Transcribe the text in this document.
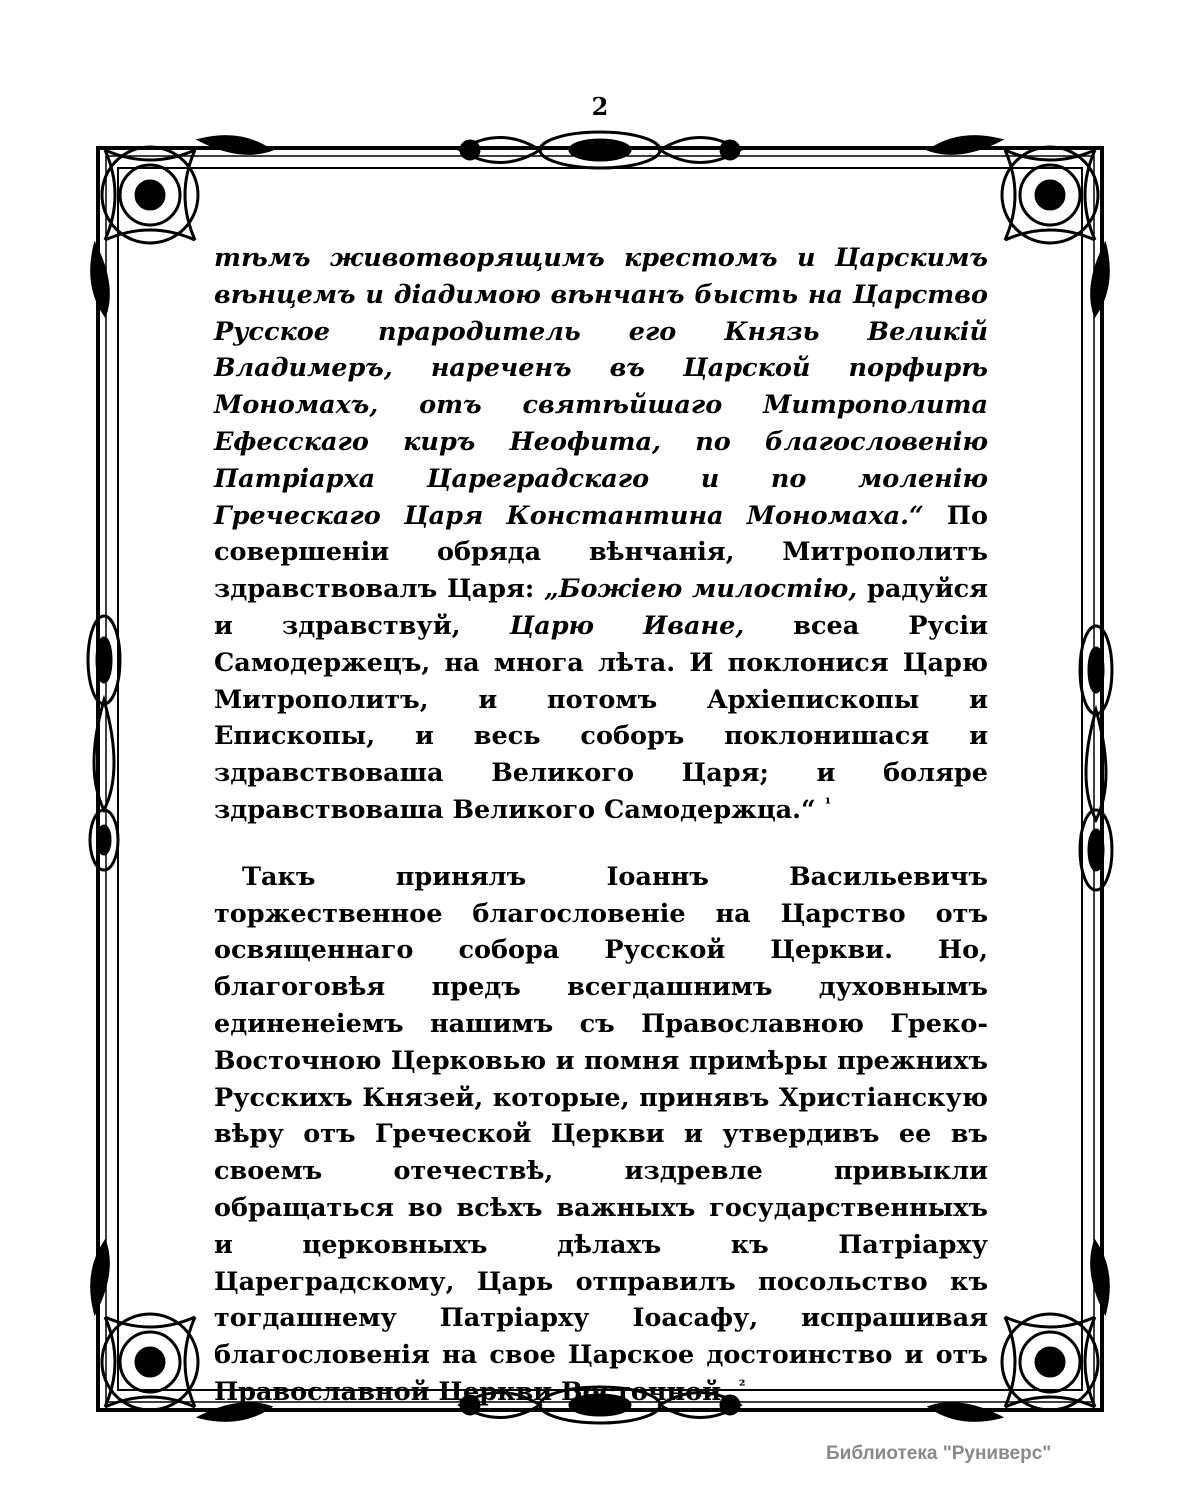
2

тѣмъ животворящимъ крестомъ и Царскимъ вѣнцемъ и діадимою вѣнчанъ бысть на Царство Русское прародитель его Князь Великій Владимеръ, нареченъ въ Царской порфирѣ Мономахъ, отъ святѣйшаго Митрополита Ефесскаго киръ Неофита, по благословенію Патріарха Цареградскаго и по моленію Греческаго Царя Константина Мономаха.“ По совершеніи обряда вѣнчанія, Митрополитъ здравствовалъ Царя: „Божіею милостію, радуйся и здравствуй, Царю Иване, всеа Русіи Самодержецъ, на многа лѣта. И поклонися Царю Митрополитъ, и потомъ Архіепископы и Епископы, и весь соборъ поклонишася и здравствоваша Великого Царя; и боляре здравствоваша Великого Самодержца.“ $^{^1}$

Такъ принялъ Іоаннъ Васильевичъ торжественное благословеніе на Царство отъ освященнаго собора Русской Церкви. Но, благоговѣя предъ всегдашнимъ духовнымъ единенеіемъ нашимъ съ Православною Греко-Восточною Церковью и помня примѣры прежнихъ Русскихъ Князей, которые, принявъ Христіанскую вѣру отъ Греческой Церкви и утвердивъ ее въ своемъ отечествѣ, издревле привыкли обращаться во всѣхъ важныхъ государственныхъ и церковныхъ дѣлахъ къ Патріарху Цареградскому, Царь отправилъ посольство къ тогдашнему Патріарху Іоасафу, испрашивая благословенія на свое Царское достоинство и отъ Православной Церкви Восточной. $^{^2}$

Библиотека "Руниверс"
